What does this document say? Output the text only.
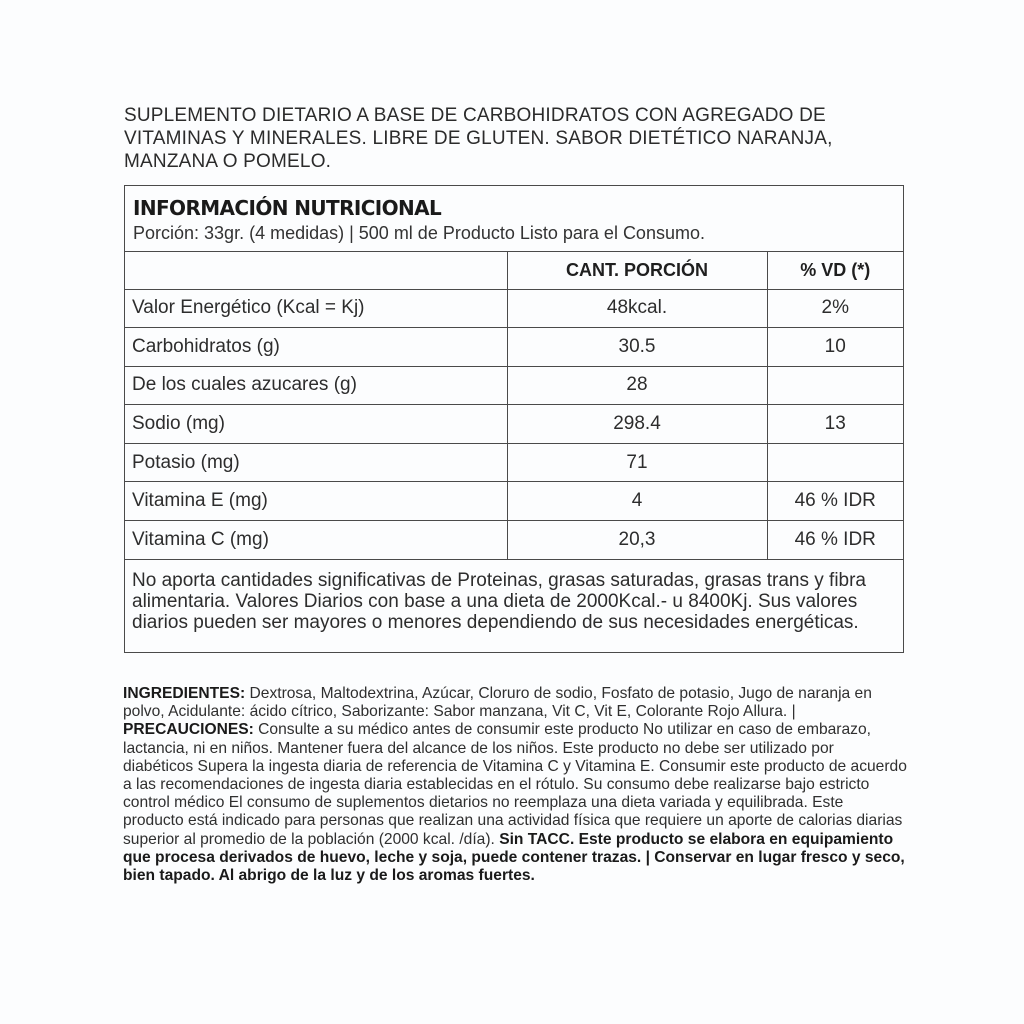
SUPLEMENTO DIETARIO A BASE DE CARBOHIDRATOS CON AGREGADO DE VITAMINAS Y MINERALES. LIBRE DE GLUTEN. SABOR DIETÉTICO NARANJA, MANZANA O POMELO.

INFORMACIÓN NUTRICIONAL
Porción: 33gr. (4 medidas) | 500 ml de Producto Listo para el Consumo.
	CANT. PORCIÓN	% VD (*)
Valor Energético (Kcal = Kj)	48kcal.	2%
Carbohidratos (g)	30.5	10
De los cuales azucares (g)	28	
Sodio (mg)	298.4	13
Potasio (mg)	71	
Vitamina E (mg)	4	46 % IDR
Vitamina C (mg)	20,3	46 % IDR

No aporta cantidades significativas de Proteinas, grasas saturadas, grasas trans y fibra alimentaria. Valores Diarios con base a una dieta de 2000Kcal.- u 8400Kj. Sus valores diarios pueden ser mayores o menores dependiendo de sus necesidades energéticas.

INGREDIENTES: Dextrosa, Maltodextrina, Azúcar, Cloruro de sodio, Fosfato de potasio, Jugo de naranja en polvo, Acidulante: ácido cítrico, Saborizante: Sabor manzana, Vit C, Vit E, Colorante Rojo Allura. | PRECAUCIONES: Consulte a su médico antes de consumir este producto No utilizar en caso de embarazo, lactancia, ni en niños. Mantener fuera del alcance de los niños. Este producto no debe ser utilizado por diabéticos Supera la ingesta diaria de referencia de Vitamina C y Vitamina E. Consumir este producto de acuerdo a las recomendaciones de ingesta diaria establecidas en el rótulo. Su consumo debe realizarse bajo estricto control médico El consumo de suplementos dietarios no reemplaza una dieta variada y equilibrada. Este producto está indicado para personas que realizan una actividad física que requiere un aporte de calorias diarias superior al promedio de la población (2000 kcal. /día). Sin TACC. Este producto se elabora en equipamiento que procesa derivados de huevo, leche y soja, puede contener trazas. | Conservar en lugar fresco y seco, bien tapado. Al abrigo de la luz y de los aromas fuertes.
